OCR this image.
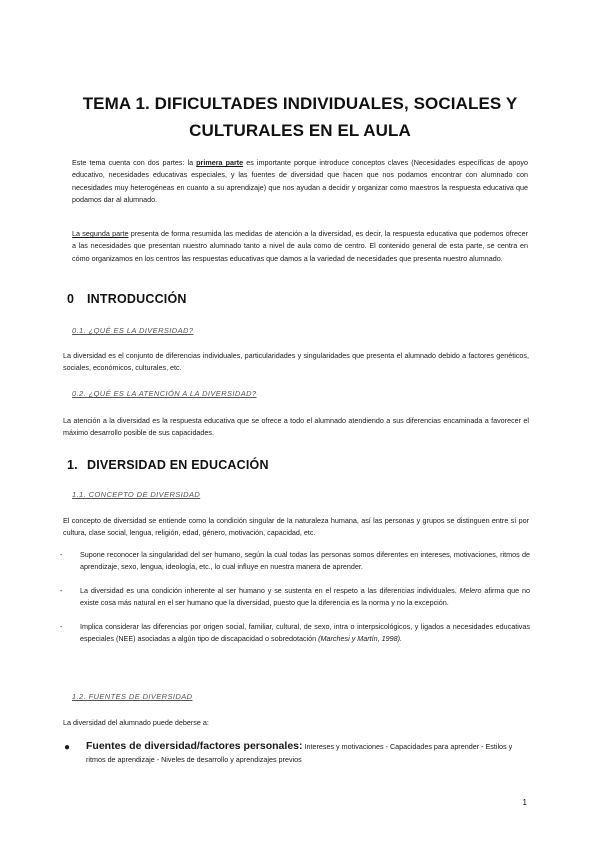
TEMA 1. DIFICULTADES INDIVIDUALES, SOCIALES Y
CULTURALES EN EL AULA
Este tema cuenta con dos partes: la primera parte es importante porque introduce conceptos claves (Necesidades específicas de apoyo educativo, necesidades educativas especiales, y las fuentes de diversidad que hacen que nos podamos encontrar con alumnado con necesidades muy heterogéneas en cuanto a su aprendizaje) que nos ayudan a decidir y organizar como maestros la respuesta educativa que podamos dar al alumnado.
La segunda parte presenta de forma resumida las medidas de atención a la diversidad, es decir, la respuesta educativa que podemos ofrecer a las necesidades que presentan nuestro alumnado tanto a nivel de aula como de centro. El contenido general de esta parte, se centra en cómo organizamos en los centros las respuestas educativas que damos a la variedad de necesidades que presenta nuestro alumnado.
0 INTRODUCCIÓN
0.1. ¿QUÉ ES LA DIVERSIDAD?
La diversidad es el conjunto de diferencias individuales, particularidades y singularidades que presenta el alumnado debido a factores genéticos, sociales, económicos, culturales, etc.
0.2. ¿QUÉ ES LA ATENCIÓN A LA DIVERSIDAD?
La atención a la diversidad es la respuesta educativa que se ofrece a todo el alumnado atendiendo a sus diferencias encaminada a favorecer el máximo desarrollo posible de sus capacidades.
1. DIVERSIDAD EN EDUCACIÓN
1.1. CONCEPTO DE DIVERSIDAD
El concepto de diversidad se entiende como la condición singular de la naturaleza humana, así las personas y grupos se distinguen entre sí por cultura, clase social, lengua, religión, edad, género, motivación, capacidad, etc.
- Supone reconocer la singularidad del ser humano, según la cual todas las personas somos diferentes en intereses, motivaciones, ritmos de aprendizaje, sexo, lengua, ideología, etc., lo cual influye en nuestra manera de aprender.
- La diversidad es una condición inherente al ser humano y se sustenta en el respeto a las diferencias individuales. Melero afirma que no existe cosa más natural en el ser humano que la diversidad, puesto que la diferencia es la norma y no la excepción.
- Implica considerar las diferencias por origen social, familiar, cultural, de sexo, intra o interpsicológicos, y ligados a necesidades educativas especiales (NEE) asociadas a algún tipo de discapacidad o sobredotación (Marchesi y Martín, 1998).
1.2. FUENTES DE DIVERSIDAD
La diversidad del alumnado puede deberse a:
●	Fuentes de diversidad/factores personales: Intereses y motivaciones - Capacidades para aprender - Estilos y ritmos de aprendizaje - Niveles de desarrollo y aprendizajes previos
1
